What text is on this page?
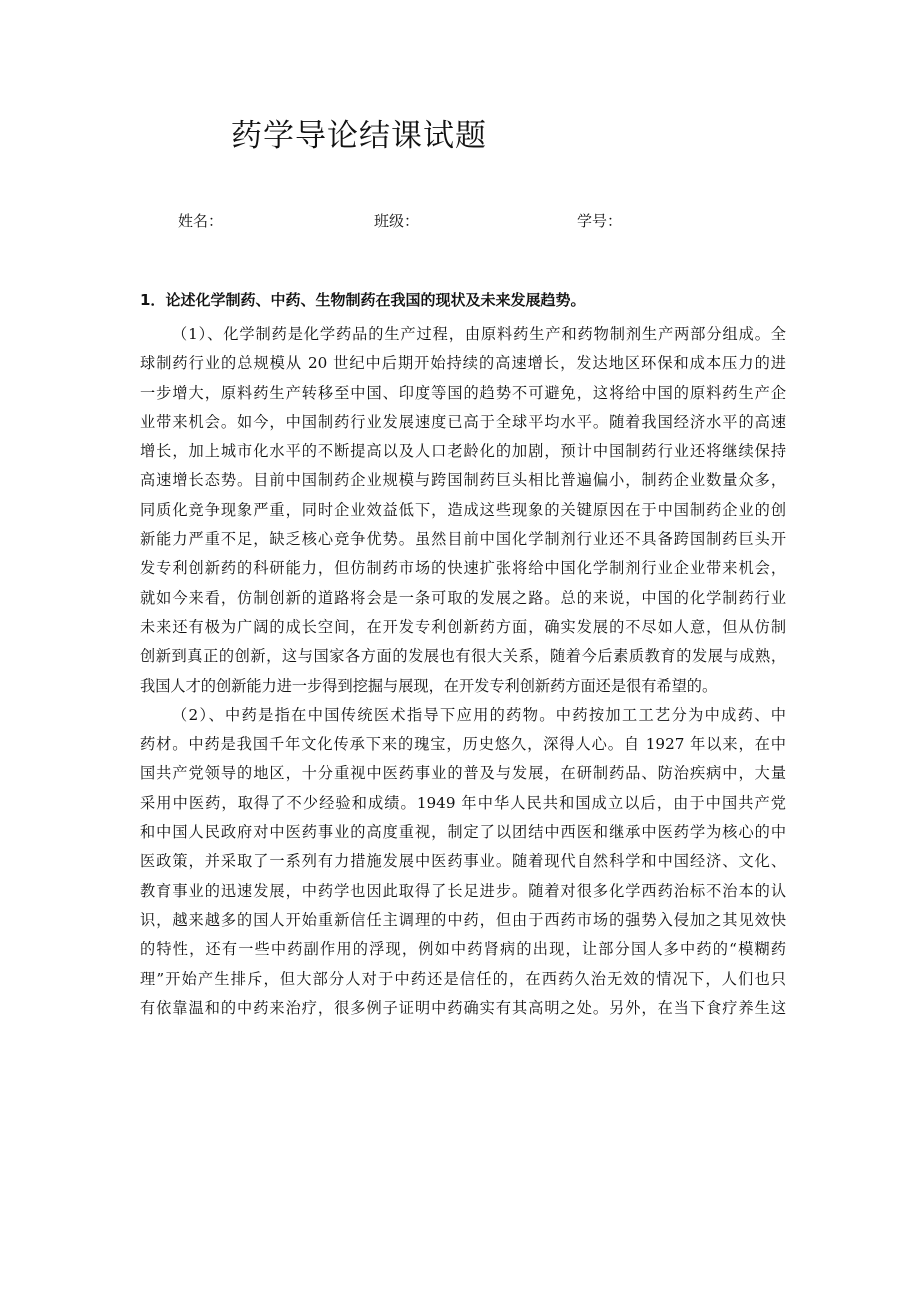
药学导论结课试题
姓名：	班级：	学号：
1．论述化学制药、中药、生物制药在我国的现状及未来发展趋势。
（1）、化学制药是化学药品的生产过程，由原料药生产和药物制剂生产两部分组成。全
球制药行业的总规模从 20 世纪中后期开始持续的高速增长，发达地区环保和成本压力的进
一步增大，原料药生产转移至中国、印度等国的趋势不可避免，这将给中国的原料药生产企
业带来机会。如今，中国制药行业发展速度已高于全球平均水平。随着我国经济水平的高速
增长，加上城市化水平的不断提高以及人口老龄化的加剧，预计中国制药行业还将继续保持
高速增长态势。目前中国制药企业规模与跨国制药巨头相比普遍偏小，制药企业数量众多，
同质化竞争现象严重，同时企业效益低下，造成这些现象的关键原因在于中国制药企业的创
新能力严重不足，缺乏核心竞争优势。虽然目前中国化学制剂行业还不具备跨国制药巨头开
发专利创新药的科研能力，但仿制药市场的快速扩张将给中国化学制剂行业企业带来机会，
就如今来看，仿制创新的道路将会是一条可取的发展之路。总的来说，中国的化学制药行业
未来还有极为广阔的成长空间，在开发专利创新药方面，确实发展的不尽如人意，但从仿制
创新到真正的创新，这与国家各方面的发展也有很大关系，随着今后素质教育的发展与成熟，
我国人才的创新能力进一步得到挖掘与展现，在开发专利创新药方面还是很有希望的。
（2）、中药是指在中国传统医术指导下应用的药物。中药按加工工艺分为中成药、中
药材。中药是我国千年文化传承下来的瑰宝，历史悠久，深得人心。自 1927 年以来，在中
国共产党领导的地区，十分重视中医药事业的普及与发展，在研制药品、防治疾病中，大量
采用中医药，取得了不少经验和成绩。1949 年中华人民共和国成立以后，由于中国共产党
和中国人民政府对中医药事业的高度重视，制定了以团结中西医和继承中医药学为核心的中
医政策，并采取了一系列有力措施发展中医药事业。随着现代自然科学和中国经济、文化、
教育事业的迅速发展，中药学也因此取得了长足进步。随着对很多化学西药治标不治本的认
识，越来越多的国人开始重新信任主调理的中药，但由于西药市场的强势入侵加之其见效快
的特性，还有一些中药副作用的浮现，例如中药肾病的出现，让部分国人多中药的“模糊药
理”开始产生排斥，但大部分人对于中药还是信任的，在西药久治无效的情况下，人们也只
有依靠温和的中药来治疗，很多例子证明中药确实有其高明之处。另外，在当下食疗养生这
